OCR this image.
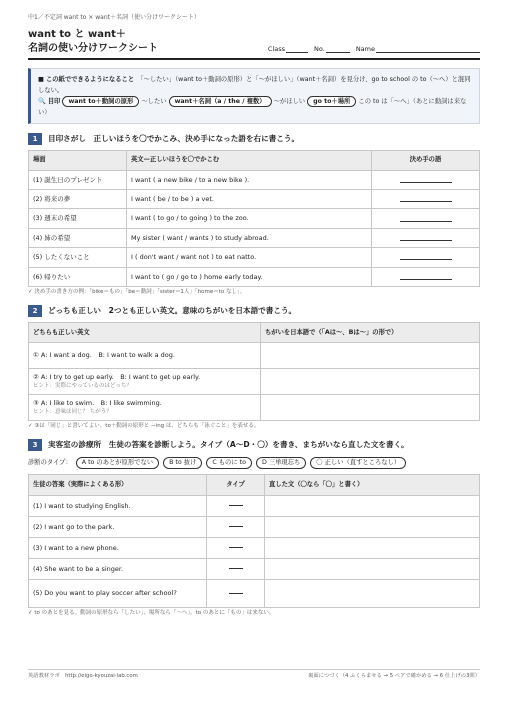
中1／不定詞 want to × want＋名詞（使い分けワークシート）
want to と want＋
名詞の使い分けワークシート	Class	No.	Name
■ この紙でできるようになること　 「〜したい」（want to＋動詞の原形）と「〜がほしい」（want＋名詞）を見分け、go to school の to（〜へ）と混同しない。
🔍 目印 want to＋動詞の原形 〜したい want＋名詞（a / the / 複数） 〜がほしい go to＋場所 この to は「〜へ」（あとに動詞は来ない）
1	目印さがし　正しいほうを〇でかこみ、決め手になった語を右に書こう。
場面	英文—正しいほうを〇でかこむ	決め手の語
(1) 誕生日のプレゼント	I want ( a new bike / to a new bike ).	

(2) 将来の夢	I want ( be / to be ) a vet.	

(3) 週末の希望	I want ( to go / to going ) to the zoo.	

(4) 姉の希望	My sister ( want / wants ) to study abroad.	

(5) したくないこと	I ( don't want / want not ) to eat natto.	

(6) 帰りたい	I want to ( go / go to ) home early today.	
✓ 決め手の書き方の例：「bike＝もの」「be＝動詞」「sister＝1人」「home＝to なし」。
2	どっちも正しい　2つとも正しい英文。意味のちがいを日本語で書こう。
どちらも正しい英文	ちがいを日本語で（「Aは〜、Bは〜」の形で）
① A: I want a dog.　B: I want to walk a dog.	
② A: I try to get up early.　B: I want to get up early.
ヒント：実際にやっているのはどっち？	

③ A: I like to swim.　B: I like swimming.
ヒント：意味は同じ？ ちがう？	

✓ ③は「同じ」と書いてよい。to＋動詞の原形と −ing は、どちらも「泳ぐこと」を表せる。
3	実客室の診療所　生徒の答案を診断しよう。タイプ（A〜D・〇）を書き、まちがいなら直した文を書く。
診断のタイプ：	A to のあとが原形でない	B to 抜け	C ものに to	D 三単現忘ち	〇 正しい（直すところなし）
生徒の答案（実際によくある形）	タイプ	直した文（〇なら「〇」と書く）
(1) I want to studying English.	

(2) I want go to the park.	

(3) I want to a new phone.	

(4) She want to be a singer.	

(5) Do you want to play soccer after school?	

✓ to のあとを見る。動詞の原形なら「したい」、場所なら「〜へ」。to のあとに「もの」は来ない。
英語教材ラボ　http://eigo-kyouzai-lab.com	裏面につづく（4 ふくらませる → 5 ペアで確かめる → 6 仕上げの3問）
